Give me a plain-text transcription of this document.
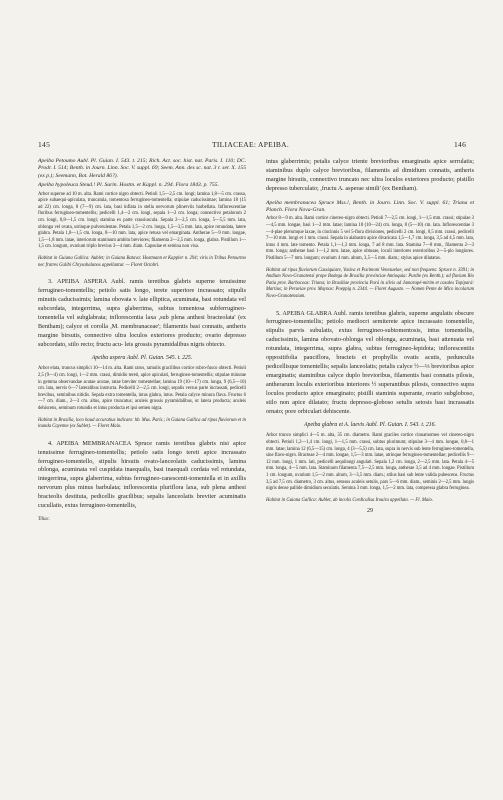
145	TILIACEAE: APEIBA.	146

Apeiba Petoumo Aubl. Pl. Guian. I. 543. t. 215; Rich. Act. soc. hist. nat. Paris. I. 110; DC. Prodr. I. 514; Benth. in Journ. Linn. Soc. V. suppl. 69; Seem. Ann. des sc. nat. 3 r. ser. X. 155 (ex p.); Seemann, Bot. Herald 86?).

Apeiba hypoleuca Steud.! Pl. Surin. Hostm. et Kappl. n. 294. Flora 1843. p. 755.

Arbor superne ad 10 m. alta. Rami cortice nigro obtecti. Petioli 1,5—2,5 cm. longi; lamina 1,8—5 cm. crassa, apice subaequi-apiculata, truncatula, tomentosa ferrugineo-tomentella; stipulae caducissimae; lamina 18 (15 ad 22) cm. longa, 8 (7—9) cm. lata, basi inflata in stella nervorum plinerviis barbellata. Inflorescentiae floribus ferrugineo-tomentellis; pedicelli 1,4—2 cm. longi, sepala 1—2 cm. longa; connectivo petalorum 2 cm. longi, 0,8—1,5 cm. longi; stamina ex parte crassiuscula. Sepala 2—2,5 cm. longa, 5—5,5 mm. lata, oblonga vel ovata, utrinque pulverulentae. Petala 1,5—2 cm. longa, 1,5—3,5 mm. lata, apice rotundata, latere glabra. Petala 1,8—1,5 cm. longa, 8—10 mm. lata, apice retusa vel emarginata. Antherae 5—9 mm. longae, 1,5—1,8 mm. latae, interiorum staminum ambitu breviores; filamenta 2—2,5 mm. longa, glabra. Pistillum 1—1,5 cm. longum, ovarium triplo brevius 3—4 mm. diam. Capsulae et semina non visa.

Habitat in Guiana Gallica: Aublet; in Guiana Batava: Hostmann et Kappler n. 294; viris in Tribus Petourmo nec fratres Galibi Chrysobalanos appellantur. — Floret Octobri.

3. APEIBA ASPERA Aubl. ramis teretibus glabris superne tenuissime ferrugineo-tomentellis; petiolo satis longo, terete superiore incrassato; stipulis minutis caducissimis; lamina obovata v. late elliptica, acuminata, basi rotundata vel subcordata, integerrima, supra glaberrima, subtus tomentosa subferrugineo-tomentella vel subglabrata; inflorescentia laxa ,sub plena anthesi bracteolata' (ex Bentham); calyce et corolla ,M. membranaceae'; filamentis basi connatis, antheris margine birsutis, connectivo ultra loculos exteriores producto; ovario depresso subcordato, stilo recto; fructu acu- leis grossis pyramidalibus nigris obtecto.

Apeiba aspera Aubl. Pl. Guian. 545. t. 225.

Arbor elata, truncus simplici 10—14 m. alta. Rami raros, ramulis gracilibus cortice rubro-fusco obtecti. Petioli 2,5 (9—4) cm. longi, 1—2 mm. crassi, dimidio tereti, apice apiculati, ferrugineo-tomentellis; stipulae minutae in gemma observandae acutae acutae, ratae breviter tomentellae; lamina 19 (10—17) cm. longa, 9 (6,5—10) cm. lata, nervis 6—7 lateralibus instructa. Pedicelli 2—2,5 cm. longi; sepalis versus parte incrassati, pedicelli brevibus, seminibus nitidis. Sepala extra tomentella, intus glabra, intus. Petala calyce minora flava. Fructus 6—7 cm. diam., 2—3 cm. altus, apice truncatus; aculeis grossis pyramidalibus, ut latera producta; aculeis dehiscens, seminum rotundis et intus producta et ipsi semen nigra.

Habitat in Brasilia, loco haud accuratius indicato: hb. Mus. Paris.; in Guiana Gallica ad ripas fluviorum et in inunda Cayenne (ex Sublet). — Floret Maio.

4. APEIBA MEMBRANACEA Spruce ramis teretibus glabris nisi apice tenuissime ferrugineo-tomentellis; petiolo satis longo tereti apice incrassato ferrugineo-tomentello, stipulis hirsutis ovato-lanceolatis caducissimis, lamina oblonga, acuminata vel cuspidata inaequalis, basi inaequali cordata vel rotundata, integerrima, supra glaberrima, subtus ferrugineo-canescenti-tomentella et in axillis nervorum plus minus barbulata; inflorescentia pluriflora laxa, sub plena anthesi bracteolis destituta, pedicellis gracilibus; sepalis lanceolatis breviter acuminatis cucullatis, extus ferrugineo-tomentellis,

Tiliac.

intus glaberrimis; petalis calyce triente brevioribus emarginatis apice serrulatis; staminibus duplo calyce brevioribus, filamentis ad dimidium connatis, antheris margine hirsutis, connectivo truncato nec ultra loculos exteriores producto; pistillo depresso tuberculato; ,fructu A. asperae simili' (ex Bentham).

Apeiba membranacea Spruce Mss.!, Benth. in Journ. Linn. Soc. V. suppl. 61; Triana et Planch. Flora Nova-Gran.

Arbor 8—9 m. alta. Rami cortice cinereo-nigro obtecti. Petioli 7—2,5 cm. longi, 1—1,5 mm. crassi; stipulae 3—4,5 mm. longae, basi 1—2 mm. latae; lamina 18 (10—24) cm. longa, 8 (5—10) cm. lata. Inflorescentiae 3—4-plae plerumque laxae, in cincinnis 5 vel 5-flora divisiones, pedicelli 2 cm. longi, 0,5 mm. crassi, pedicelli 7—10 mm. longi et 1 mm. crassi. Sepala in alabastro apice divaricata 1,5—1,7 cm. longa, 3,5 ad 4,5 mm. lata, intus 4 mm. late tomento. Petala 1,1—1,3 mm. longa, 7 ad 8 mm. lata. Stamina 7—8 mm., filamenta 2—3 mm. longa; antherae basi 1—1,2 mm. latae, apice obtusae, loculi interiores exterioribus 2—5-plo longiores. Pistillum 5—7 mm. longum; ovarium 4 mm. altum, 3,5—5 mm. diam.; stylus apice dilatatus.

Habitat ad ripas fluviorum Cassiquiare, Vasiva et Pacimoni Venezuelae, sed non frequens: Spruce n. 3391; in Andium Novo-Granatensi prope Bodega de Brasilia provinciae Antioquia: Purdie (ex Benth.); ad fluvium Rio Patia prov. Barbacoas: Triana; in Brasiliae provincia Pará in silvis ad Jamarapé-mirim et casales Topipará: Martius; in Peruviae prov. Maynas: Poeppig n. 2344. — Floret Augusto. — Nomen Pente de Mico incolarum Novo-Granatensium.

5. APEIBA GLABRA Aubl. ramis teretibus glabris, superne angulatis obscure ferrugineo-tomentellis; petiolo mediocri semiterete apice incrassato tomentello, stipulis parvis subulatis, extus ferrugineo-subtomentosis, intus tomentellis, caducissimis, lamina obovato-oblonga vel oblonga, acuminata, basi attenuata vel rotundata, integerrima, supra glabra, subtus ferrugineo-lepidota; inflorescentiis oppositifolia pauciflora, bracteis et prophyllis ovatis acutis, pedunculis pedicellisque tomentellis; sepalis lanceolatis; petalis calyce ½—⅓ brevioribus apice emarginatis; staminibus calyce duplo brevioribus, filamentis basi connatis pilosis, antherarum loculis exterioribus interiores ½ superantibus pilosis, connectivo supra loculos producto apice emarginato; pistilli staminis superante, ovario subgloboso, stilo non apice dilatato; fructu depresso-globoso setulis setosis basi incrassatis ornato; pore orbiculari dehiscente.

Apeiba glabra et A. laevis Aubl. Pl. Guian. I. 543. t. 216.

Arbor trunco simplici 4—5 m. alta, 35 cm. diametro. Rami graciles cortice cinnamomeo vel cinereo-nigro obtecti. Petioli 1,2—1,4 cm. longi, 1—1,5 mm. crassi, subtus plurimum; stipulae 3—4 mm. longae, 0,8—1 mm. latae; lamina 12 (6,5—15) cm. longa, 4 (3—5,5) cm. lata, supra in nervis sub lente ferrugineo-tomentella, sine flavo-nigro. Bracteae 2—4 mm. longae, 1,5—3 mm. latae, utrinque ferrugineo-tomentellae; pedicellis 9—12 mm. longi, 1 mm. lati, pedicelli aequilongi angulati. Sepala 1,2 cm. longa, 2—2,5 mm. lata. Petala 4—5 mm. longa, 4—5 mm. lata. Staminum filamenta 7,5—2,5 mm. longa, antherae 3,5 ad 4 mm. longae. Pistillum 1 cm. longum, ovarium 1,5—2 mm. altum, 3—3,5 mm. diam.; stilus basi sub lente valida pubescens. Fructus 3,5 ad 7,5 cm. diametro, 3 cm. altus, setosus aculeis setulis, pars 5—6 mm. diam., seminis 2—2,5 mm. longis nigris dense pallide dimidium seculatis. Semina 3 mm. longa, 1,5—2 mm. lata, compressa glabra ferruginea.

Habitat in Guiana Gallica: Aublet, ab incolis Cordicalisa Irouira appellata. — Fl. Maio.

29
